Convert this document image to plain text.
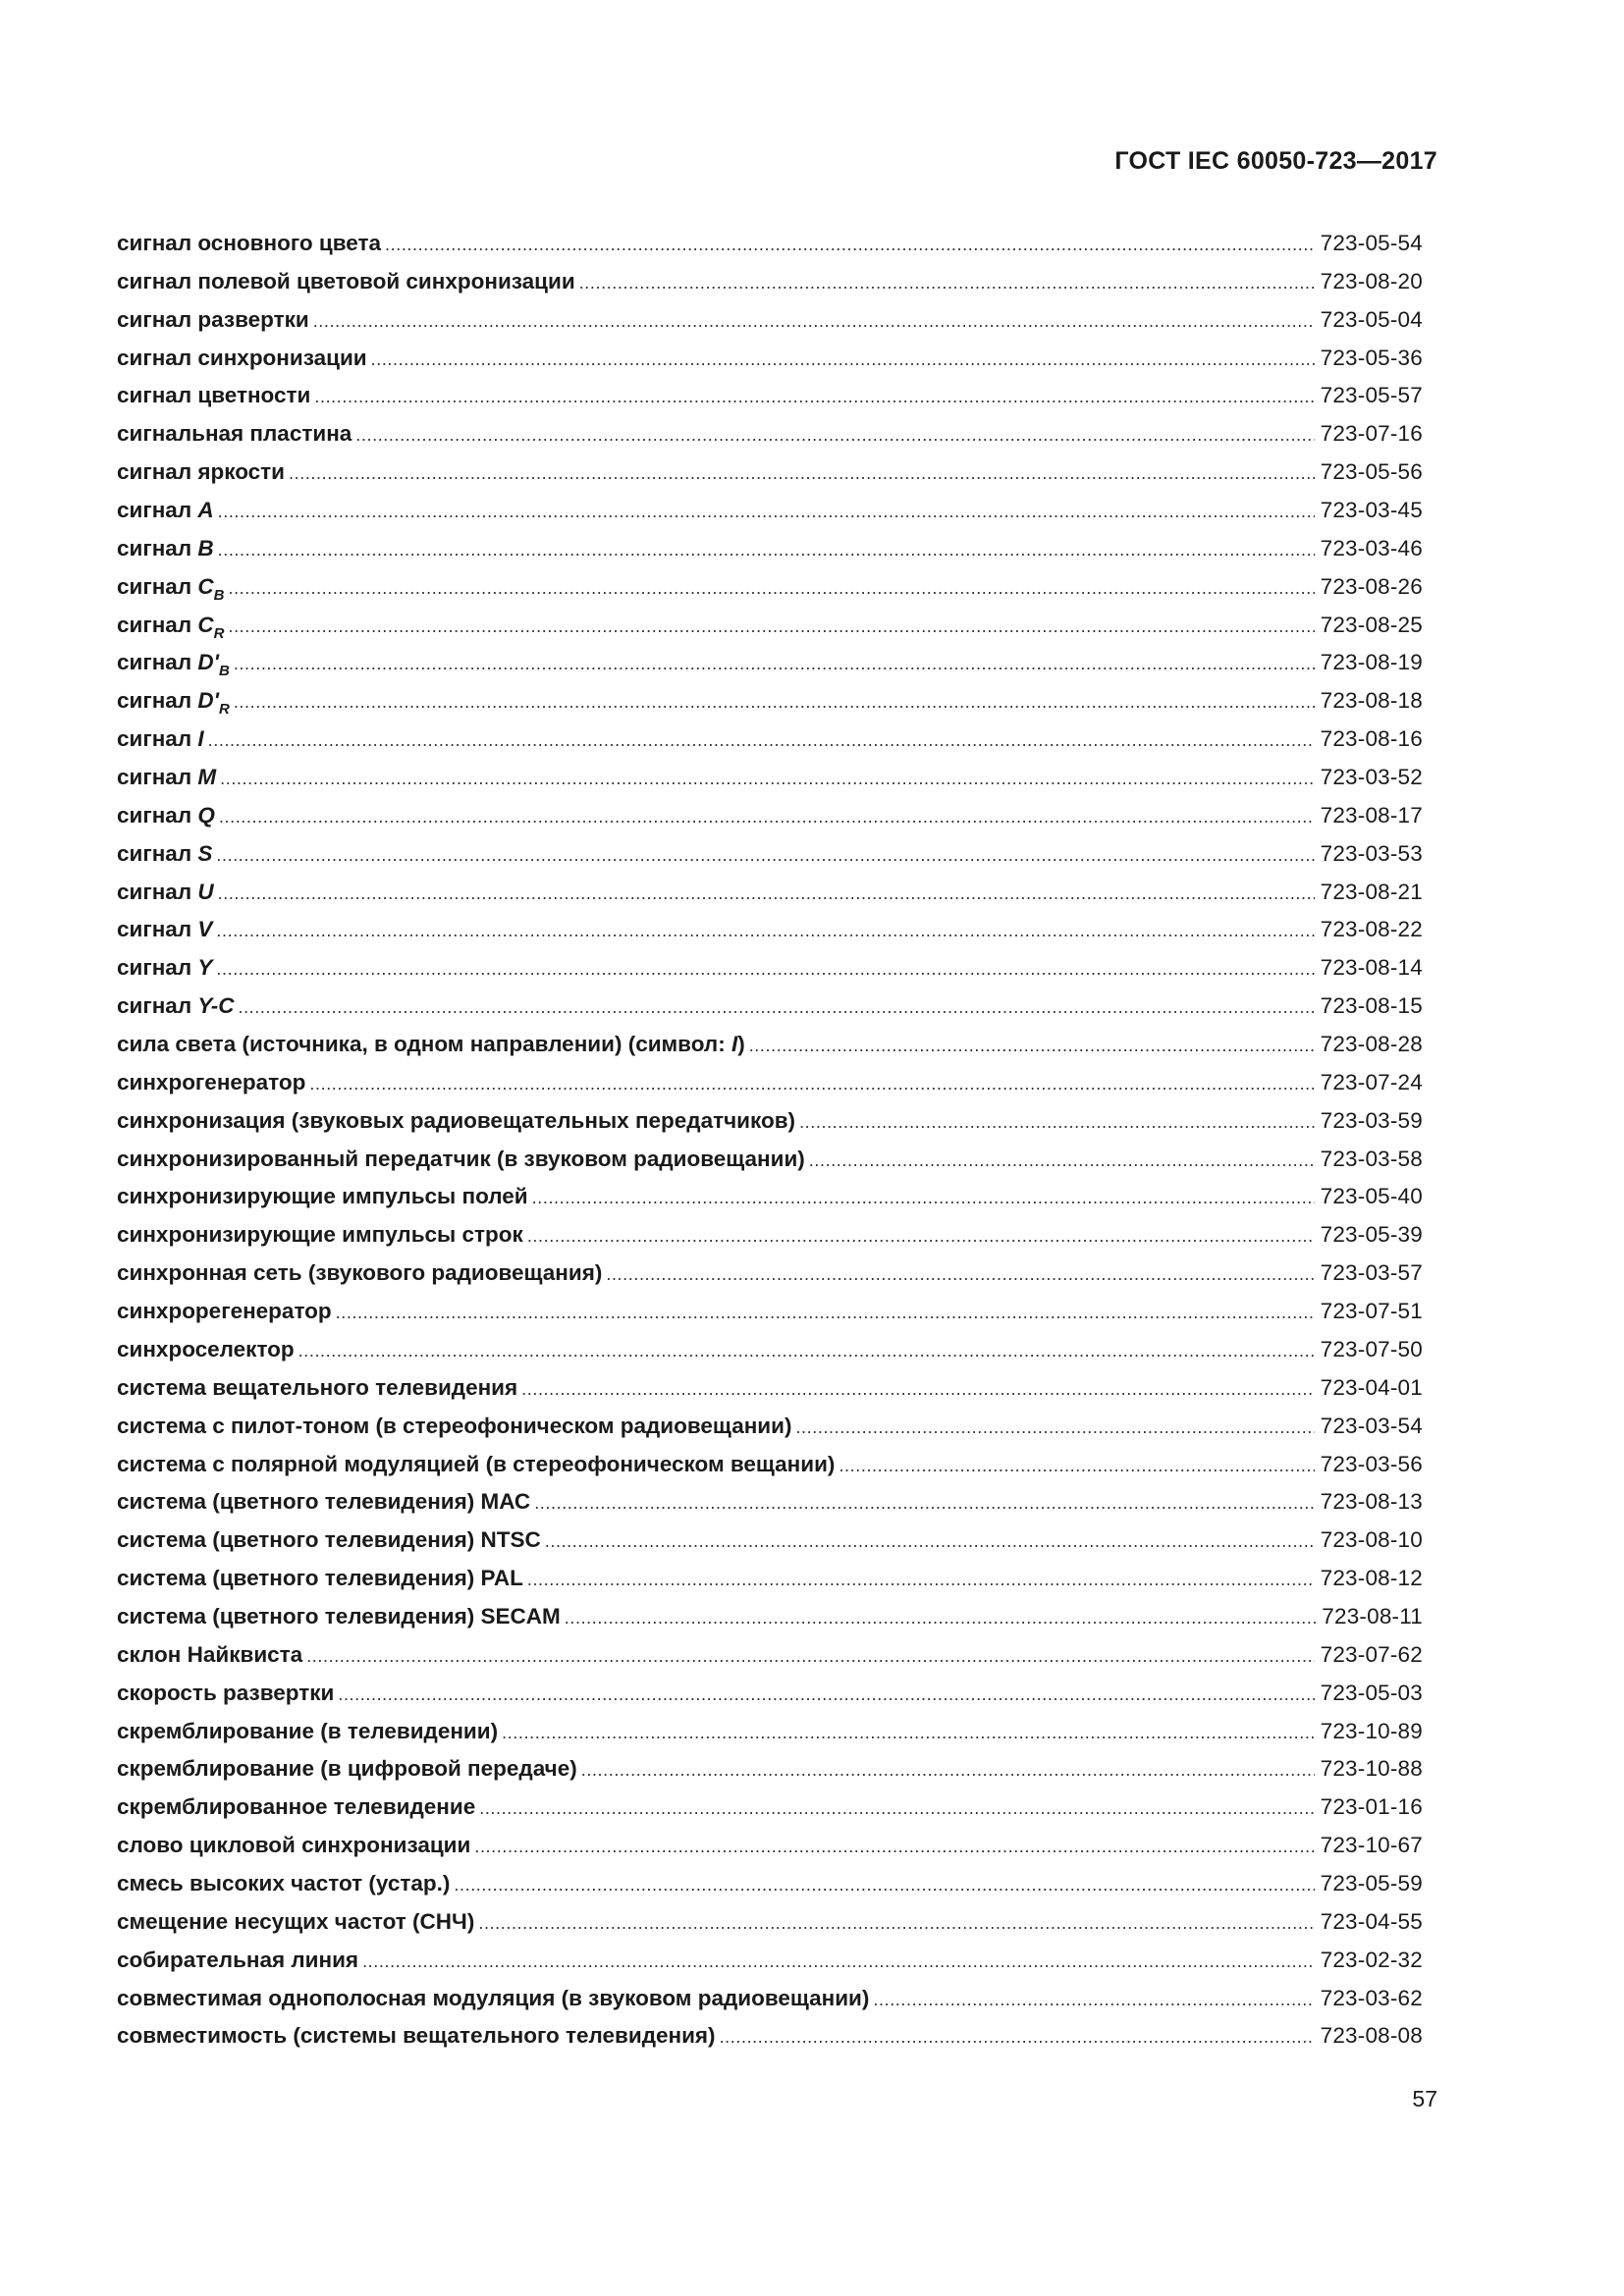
ГОСТ IEC 60050-723—2017
сигнал основного цвета .....	723-05-54
сигнал полевой цветовой синхронизации .....	723-08-20
сигнал развертки .....	723-05-04
сигнал синхронизации .....	723-05-36
сигнал цветности .....	723-05-57
сигнальная пластина .....	723-07-16
сигнал яркости .....	723-05-56
сигнал A .....	723-03-45
сигнал B .....	723-03-46
сигнал $C_B$ .....	723-08-26
сигнал $C_R$ .....	723-08-25
сигнал $D'_B$ .....	723-08-19
сигнал $D'_R$ .....	723-08-18
сигнал I .....	723-08-16
сигнал M .....	723-03-52
сигнал Q .....	723-08-17
сигнал S .....	723-03-53
сигнал U .....	723-08-21
сигнал V .....	723-08-22
сигнал Y .....	723-08-14
сигнал Y-C .....	723-08-15
сила света (источника, в одном направлении) (символ: I) .....	723-08-28
синхрогенератор .....	723-07-24
синхронизация (звуковых радиовещательных передатчиков) .....	723-03-59
синхронизированный передатчик (в звуковом радиовещании) .....	723-03-58
синхронизирующие импульсы полей .....	723-05-40
синхронизирующие импульсы строк .....	723-05-39
синхронная сеть (звукового радиовещания) .....	723-03-57
синхрорегенератор .....	723-07-51
синхроселектор .....	723-07-50
система вещательного телевидения .....	723-04-01
система с пилот-тоном (в стереофоническом радиовещании) .....	723-03-54
система с полярной модуляцией (в стереофоническом вещании) .....	723-03-56
система (цветного телевидения) МАС .....	723-08-13
система (цветного телевидения) NTSC .....	723-08-10
система (цветного телевидения) PAL .....	723-08-12
система (цветного телевидения) SECAM .....	723-08-11
склон Найквиста .....	723-07-62
скорость развертки .....	723-05-03
скремблирование (в телевидении) .....	723-10-89
скремблирование (в цифровой передаче) .....	723-10-88
скремблированное телевидение .....	723-01-16
слово цикловой синхронизации .....	723-10-67
смесь высоких частот (устар.) .....	723-05-59
смещение несущих частот (СНЧ) .....	723-04-55
собирательная линия .....	723-02-32
совместимая однополосная модуляция (в звуковом радиовещании) .....	723-03-62
совместимость (системы вещательного телевидения) .....	723-08-08
57
